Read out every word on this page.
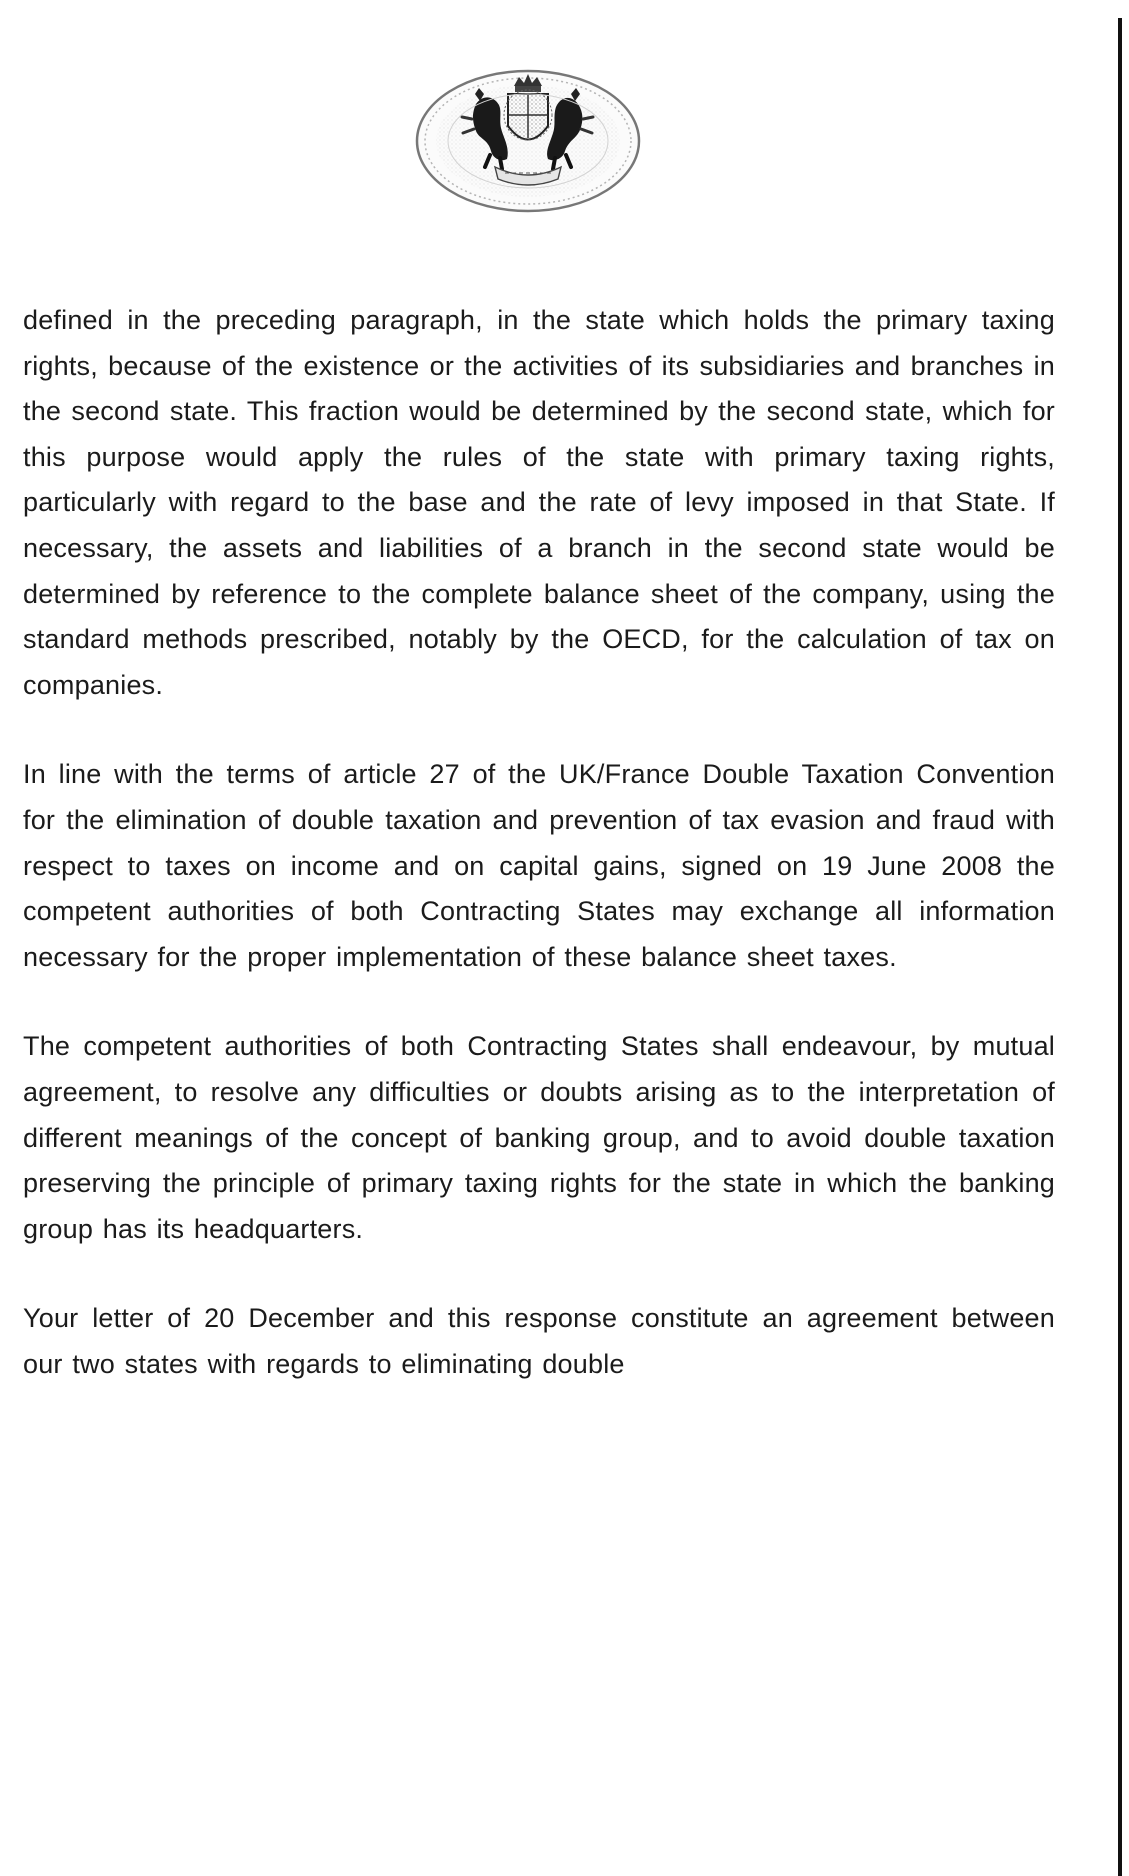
defined in the preceding paragraph, in the state which holds the primary taxing rights, because of the existence or the activities of its subsidiaries and branches in the second state. This fraction would be determined by the second state, which for this purpose would apply the rules of the state with primary taxing rights, particularly with regard to the base and the rate of levy imposed in that State. If necessary, the assets and liabilities of a branch in the second state would be determined by reference to the complete balance sheet of the company, using the standard methods prescribed, notably by the OECD, for the calculation of tax on companies.

In line with the terms of article 27 of the UK/France Double Taxation Convention for the elimination of double taxation and prevention of tax evasion and fraud with respect to taxes on income and on capital gains, signed on 19 June 2008 the competent authorities of both Contracting States may exchange all information necessary for the proper implementation of these balance sheet taxes.

The competent authorities of both Contracting States shall endeavour, by mutual agreement, to resolve any difficulties or doubts arising as to the interpretation of different meanings of the concept of banking group, and to avoid double taxation preserving the principle of primary taxing rights for the state in which the banking group has its headquarters.

Your letter of 20 December and this response constitute an agreement between our two states with regards to eliminating double
